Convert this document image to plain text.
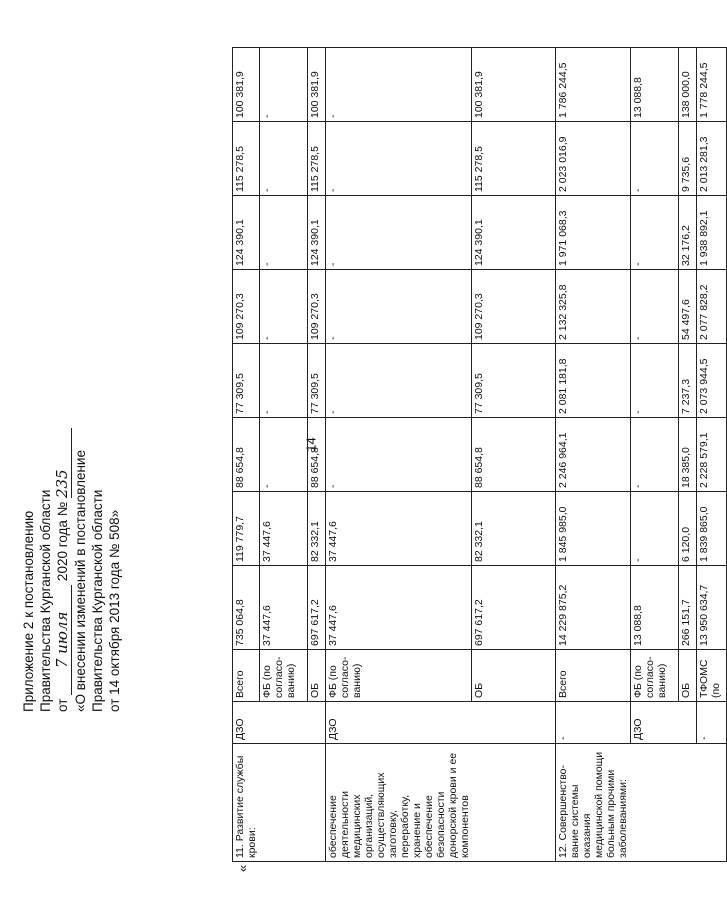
14
Приложение 2 к постановлению Правительства Курганской области от 7 июля 2020 года № 235 «О внесении изменений в постановление Правительства Курганской области от 14 октября 2013 года № 508»
«
11. Развитие службы крови:	ДЗО	Всего	735 064,8	119 779,7	88 654,8	77 309,5	109 270,3	124 390,1	115 278,5	100 381,9
		ФБ (по согласо-ванию)	37 447,6	37 447,6	-	-	-	-	-	-
		ОБ	697 617,2	82 332,1	88 654,8	77 309,5	109 270,3	124 390,1	115 278,5	100 381,9
обеспечение деятельности медицинских организаций, осуществляющих заготовку, переработку, хранение и обеспечение безопасности донорской крови и ее компонентов	ДЗО	ФБ (по согласо-ванию)	37 447,6	37 447,6	-	-	-	-	-	-
		ОБ	697 617,2	82 332,1	88 654,8	77 309,5	109 270,3	124 390,1	115 278,5	100 381,9
12. Совершенство-вание системы оказания медицинской помощи больным прочими заболеваниями:	-	Всего	14 229 875,2	1 845 985,0	2 246 964,1	2 081 181,8	2 132 325,8	1 971 068,3	2 023 016,9	1 786 244,5
	ДЗО	ФБ (по согласо-ванию)	13 088,8	-	-	-	-	-	-	13 088,8
		ОБ	266 151,7	6 120,0	18 385,0	7 237,3	54 497,6	32 176,2	9 735,6	138 000,0
	-	ТФОМС (по	13 950 634,7	1 839 865,0	2 228 579,1	2 073 944,5	2 077 828,2	1 938 892,1	2 013 281,3	1 778 244,5
